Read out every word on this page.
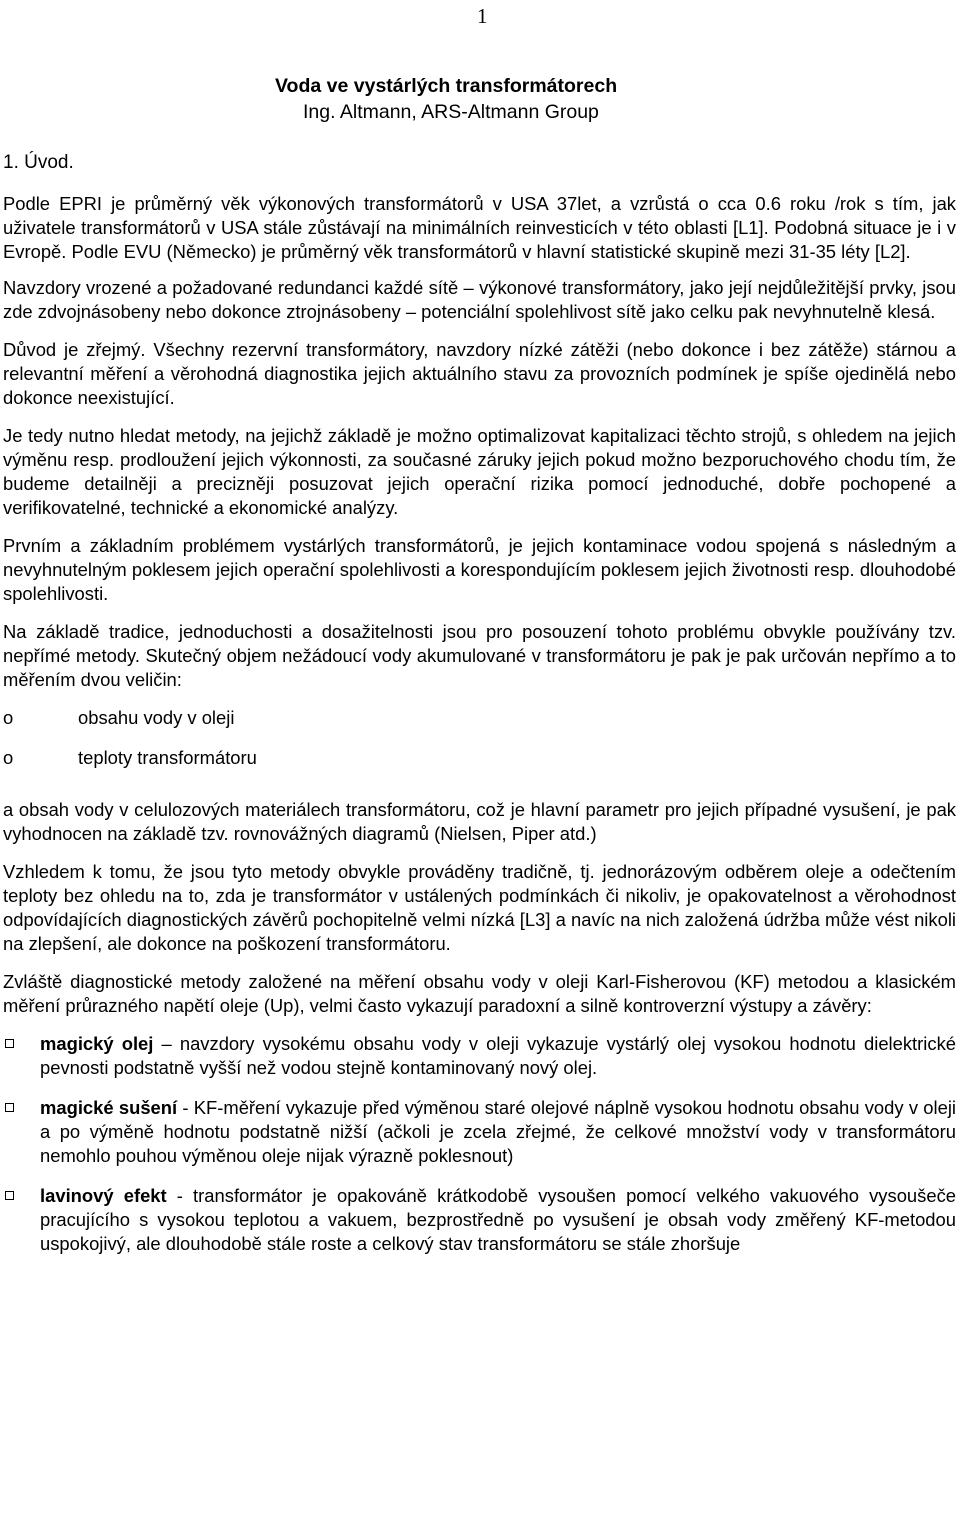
1
Voda ve vystárlých transformátorech
Ing. Altmann, ARS-Altmann Group
1. Úvod.

Podle EPRI je průměrný věk výkonových transformátorů v USA 37let, a vzrůstá o cca 0.6 roku /rok s tím, jak uživatele transformátorů v USA stále zůstávají na minimálních reinvesticích v této oblasti [L1]. Podobná situace je i v Evropě. Podle EVU (Německo) je průměrný věk transformátorů v hlavní statistické skupině mezi 31-35 léty [L2].

Navzdory vrozené a požadované redundanci každé sítě – výkonové transformátory, jako její nejdůležitější prvky, jsou zde zdvojnásobeny nebo dokonce ztrojnásobeny – potenciální spolehlivost sítě jako celku pak nevyhnutelně klesá.

Důvod je zřejmý. Všechny rezervní transformátory, navzdory nízké zátěži (nebo dokonce i bez zátěže) stárnou a relevantní měření a věrohodná diagnostika jejich aktuálního stavu za provozních podmínek je spíše ojedinělá nebo dokonce neexistující.

Je tedy nutno hledat metody, na jejichž základě je možno optimalizovat kapitalizaci těchto strojů, s ohledem na jejich výměnu resp. prodloužení jejich výkonnosti, za současné záruky jejich pokud možno bezporuchového chodu tím, že budeme detailněji a precizněji posuzovat jejich operační rizika pomocí jednoduché, dobře pochopené a verifikovatelné, technické a ekonomické analýzy.

Prvním a základním problémem vystárlých transformátorů, je jejich kontaminace vodou spojená s následným a nevyhnutelným poklesem jejich operační spolehlivosti a korespondujícím poklesem jejich životnosti resp. dlouhodobé spolehlivosti.

Na základě tradice, jednoduchosti a dosažitelnosti jsou pro posouzení tohoto problému obvykle používány tzv. nepřímé metody. Skutečný objem nežádoucí vody akumulované v transformátoru je pak je pak určován nepřímo a to měřením dvou veličin:

o	obsahu vody v oleji
o	teploty transformátoru

a obsah vody v celulozových materiálech transformátoru, což je hlavní parametr pro jejich případné vysušení, je pak vyhodnocen na základě tzv. rovnovážných diagramů (Nielsen, Piper atd.)

Vzhledem k tomu, že jsou tyto metody obvykle prováděny tradičně, tj. jednorázovým odběrem oleje a odečtením teploty bez ohledu na to, zda je transformátor v ustálených podmínkách či nikoliv, je opakovatelnost a věrohodnost odpovídajících diagnostických závěrů pochopitelně velmi nízká [L3] a navíc na nich založená údržba může vést nikoli na zlepšení, ale dokonce na poškození transformátoru.

Zvláště diagnostické metody založené na měření obsahu vody v oleji Karl-Fisherovou (KF) metodou a klasickém měření průrazného napětí oleje (Up), velmi často vykazují paradoxní a silně kontroverzní výstupy a závěry:

magický olej – navzdory vysokému obsahu vody v oleji vykazuje vystárlý olej vysokou hodnotu dielektrické pevnosti podstatně vyšší než vodou stejně kontaminovaný nový olej.
magické sušení - KF-měření vykazuje před výměnou staré olejové náplně vysokou hodnotu obsahu vody v oleji a po výměně hodnotu podstatně nižší (ačkoli je zcela zřejmé, že celkové množství vody v transformátoru nemohlo pouhou výměnou oleje nijak výrazně poklesnout)
lavinový efekt - transformátor je opakováně krátkodobě vysoušen pomocí velkého vakuového vysoušeče pracujícího s vysokou teplotou a vakuem, bezprostředně po vysušení je obsah vody změřený KF-metodou uspokojivý, ale dlouhodobě stále roste a celkový stav transformátoru se stále zhoršuje
